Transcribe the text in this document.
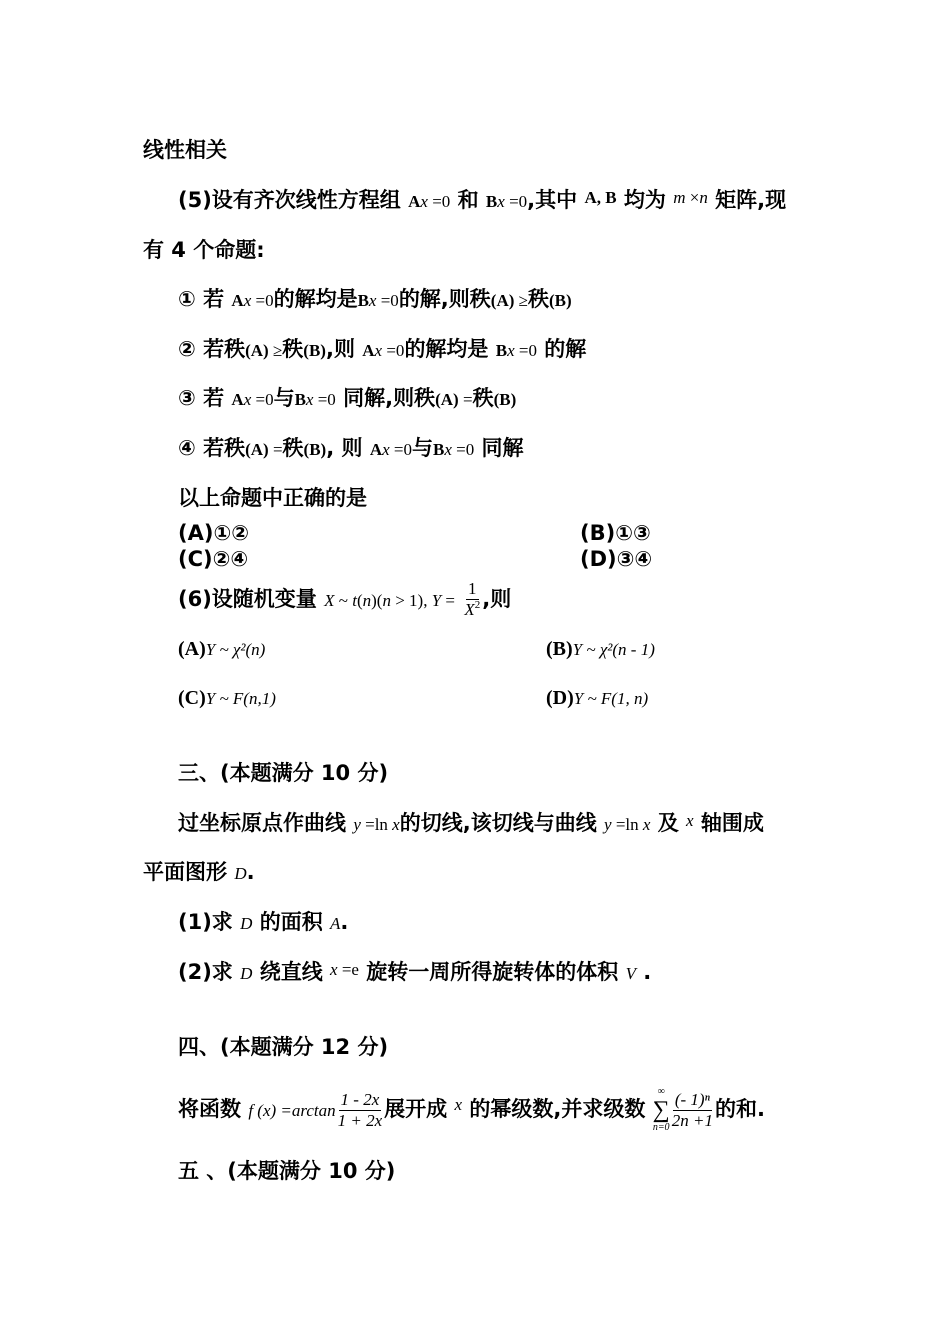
线性相关
(5)设有齐次线性方程组 Ax =0 和 Bx =0,其中 A, B 均为 m ×n 矩阵,现
有 4 个命题:
① 若 Ax =0的解均是Bx =0的解,则秩(A) ≥秩(B)
② 若秩(A) ≥秩(B),则 Ax =0的解均是 Bx =0 的解
③ 若 Ax =0与Bx =0 同解,则秩(A) =秩(B)
④ 若秩(A) =秩(B), 则 Ax =0与Bx =0 同解
以上命题中正确的是
(A)①②	(B)①③
(C)②④	(D)③④
(6)设随机变量 X ~ t(n)(n > 1), $Y = \frac{1}{X^2}$ ,则
(A)Y ~ χ²(n)	(B)Y ~ χ²(n - 1)
(C)Y ~ F(n,1)	(D)Y ~ F(1, n)
三、(本题满分 10 分)
过坐标原点作曲线 y =ln x的切线,该切线与曲线 y =ln x 及 x 轴围成
平面图形 D.
(1)求 D 的面积 A.
(2)求 D 绕直线 x =e 旋转一周所得旋转体的体积 V .
四、(本题满分 12 分)
将函数 f $(x) =\arctan \frac{1 - 2x}{1 + 2x}$ 展开成 $^x$ 的幂级数,并求级数
∞
∑
$n=0 \frac{\text{(- 1)ⁿ}}{2n +1}$ 的和.
五 、(本题满分 10 分)
